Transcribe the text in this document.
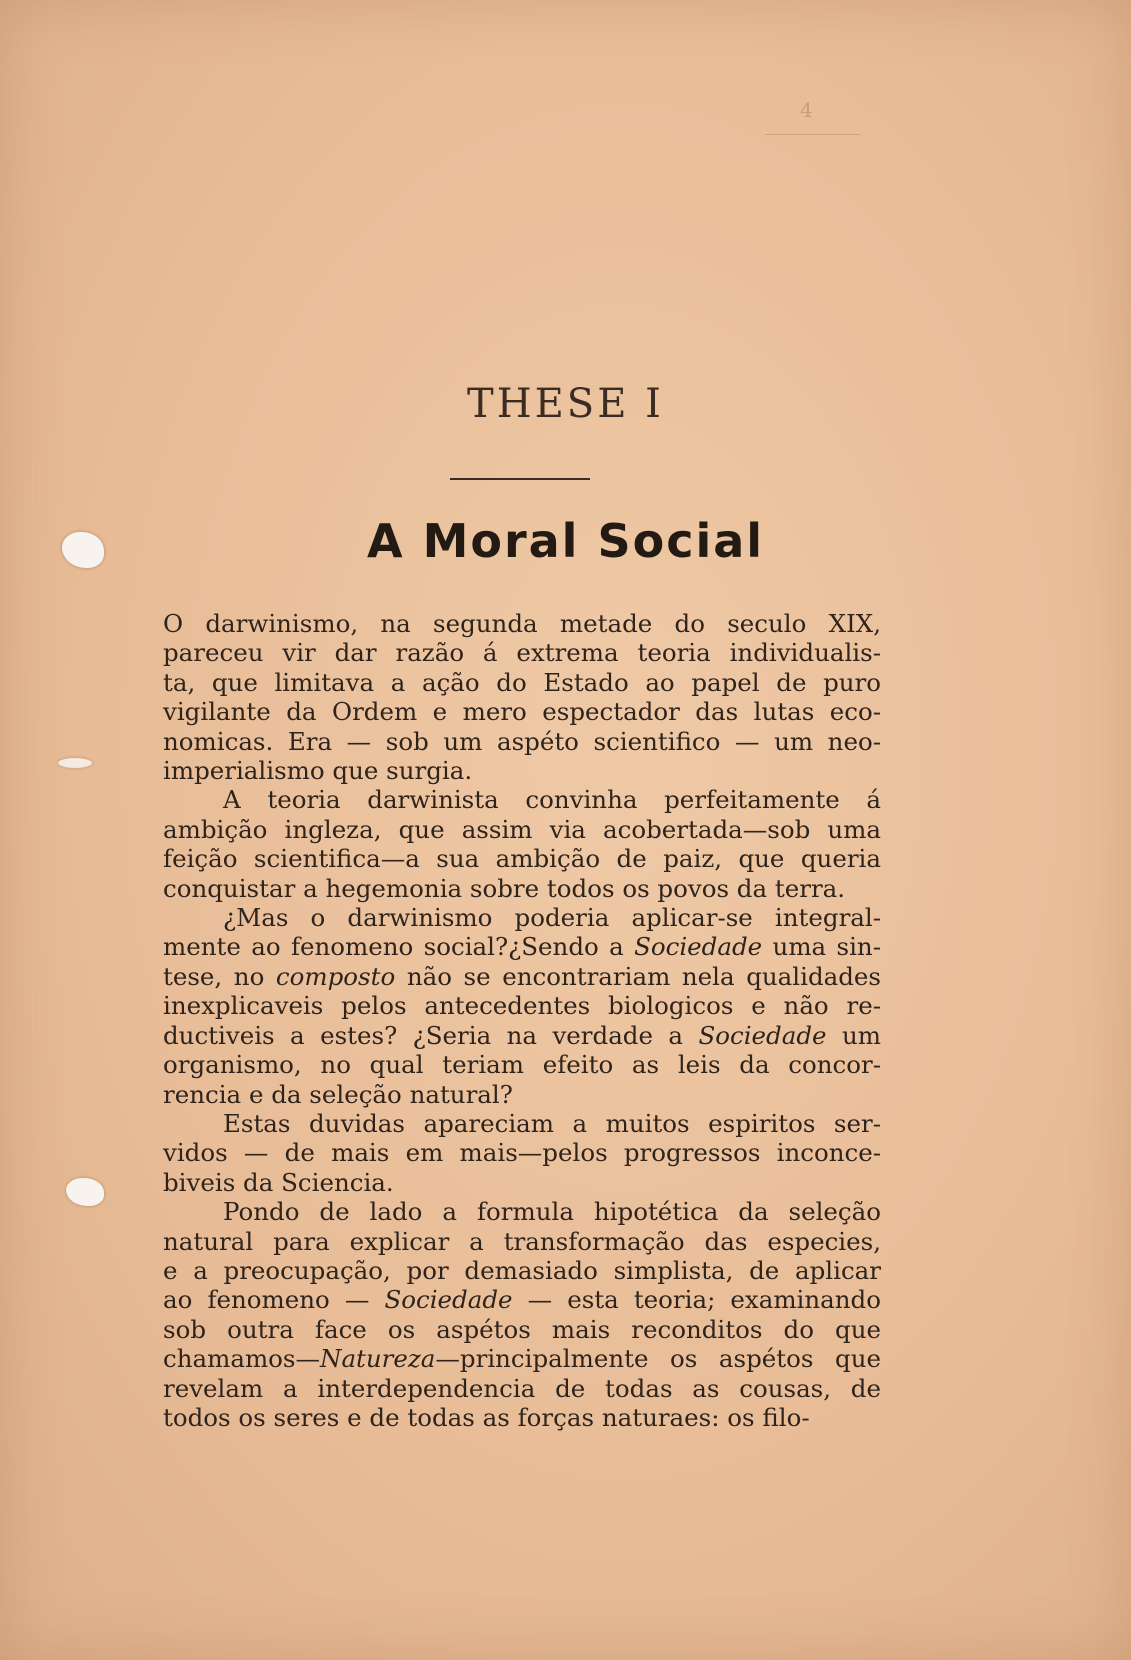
4
THESE I
A Moral Social
O darwinismo, na segunda metade do seculo XIX,
pareceu vir dar razão á extrema teoria individualis-
ta, que limitava a ação do Estado ao papel de puro
vigilante da Ordem e mero espectador das lutas eco-
nomicas. Era — sob um aspéto scientifico — um neo-
imperialismo que surgia.
A teoria darwinista convinha perfeitamente á
ambição ingleza, que assim via acobertada—sob uma
feição scientifica—a sua ambição de paiz, que queria
conquistar a hegemonia sobre todos os povos da terra.
¿Mas o darwinismo poderia aplicar-se integral-
mente ao fenomeno social?¿Sendo a Sociedade uma sin-
tese, no composto não se encontrariam nela qualidades
inexplicaveis pelos antecedentes biologicos e não re-
ductiveis a estes? ¿Seria na verdade a Sociedade um
organismo, no qual teriam efeito as leis da concor-
rencia e da seleção natural?
Estas duvidas apareciam a muitos espiritos ser-
vidos — de mais em mais—pelos progressos inconce-
biveis da Sciencia.
Pondo de lado a formula hipotética da seleção
natural para explicar a transformação das especies,
e a preocupação, por demasiado simplista, de aplicar
ao fenomeno — Sociedade — esta teoria; examinando
sob outra face os aspétos mais reconditos do que
chamamos—Natureza—principalmente os aspétos que
revelam a interdependencia de todas as cousas, de
todos os seres e de todas as forças naturaes: os filo-
